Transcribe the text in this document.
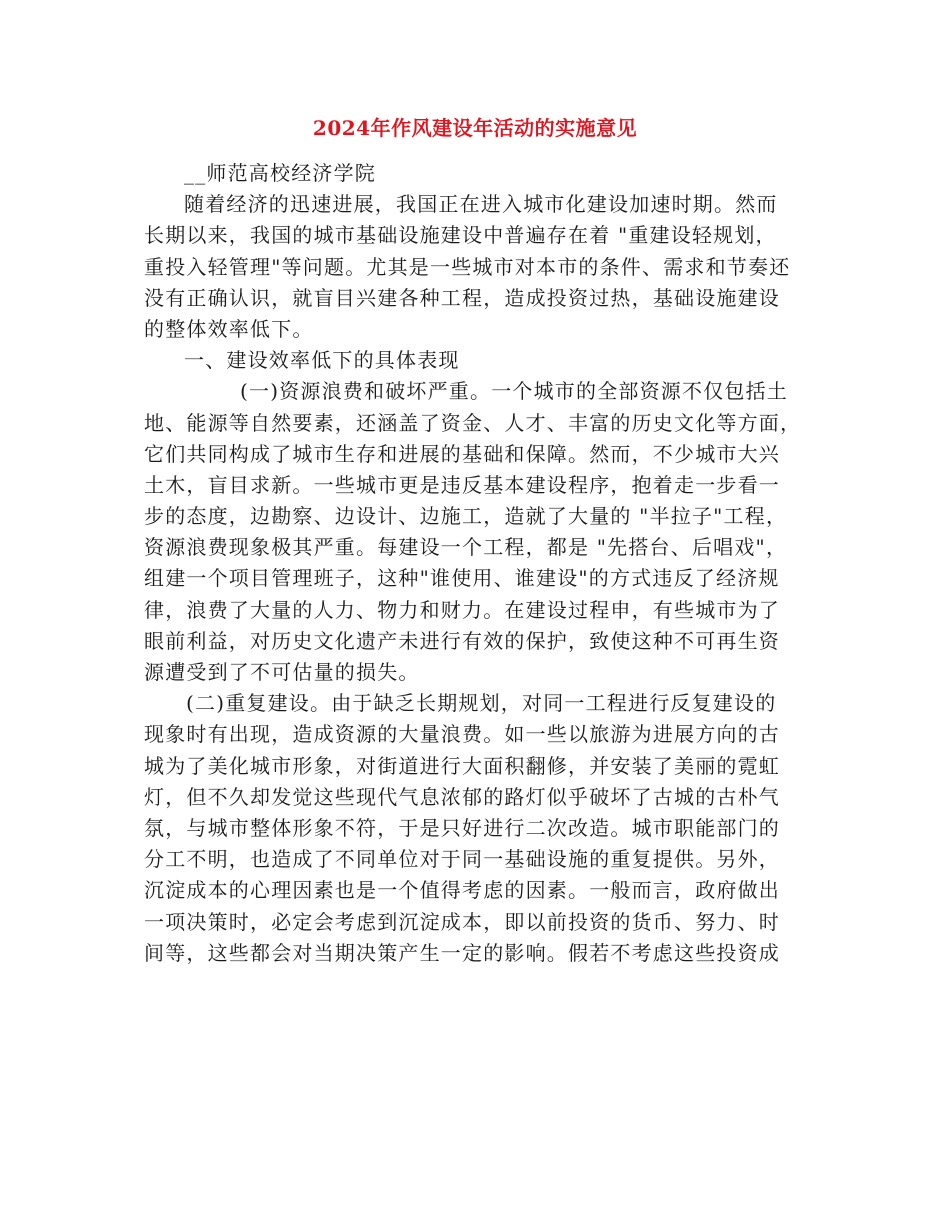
2024年作风建设年活动的实施意见
__师范高校经济学院
随着经济的迅速进展，我国正在进入城市化建设加速时期。然而
长期以来，我国的城市基础设施建设中普遍存在着 "重建设轻规划，
重投入轻管理"等问题。尤其是一些城市对本市的条件、需求和节奏还
没有正确认识，就盲目兴建各种工程，造成投资过热，基础设施建设
的整体效率低下。
一、建设效率低下的具体表现
(一)资源浪费和破坏严重。一个城市的全部资源不仅包括土
地、能源等自然要素，还涵盖了资金、人才、丰富的历史文化等方面，
它们共同构成了城市生存和进展的基础和保障。然而，不少城市大兴
土木，盲目求新。一些城市更是违反基本建设程序，抱着走一步看一
步的态度，边勘察、边设计、边施工，造就了大量的 "半拉子"工程，
资源浪费现象极其严重。每建设一个工程，都是 "先搭台、后唱戏"，
组建一个项目管理班子，这种"谁使用、谁建设"的方式违反了经济规
律，浪费了大量的人力、物力和财力。在建设过程申，有些城市为了
眼前利益，对历史文化遗产未进行有效的保护，致使这种不可再生资
源遭受到了不可估量的损失。
(二)重复建设。由于缺乏长期规划，对同一工程进行反复建设的
现象时有出现，造成资源的大量浪费。如一些以旅游为进展方向的古
城为了美化城市形象，对街道进行大面积翻修，并安装了美丽的霓虹
灯，但不久却发觉这些现代气息浓郁的路灯似乎破坏了古城的古朴气
氛，与城市整体形象不符，于是只好进行二次改造。城市职能部门的
分工不明，也造成了不同单位对于同一基础设施的重复提供。另外，
沉淀成本的心理因素也是一个值得考虑的因素。一般而言，政府做出
一项决策时，必定会考虑到沉淀成本，即以前投资的货币、努力、时
间等，这些都会对当期决策产生一定的影响。假若不考虑这些投资成
